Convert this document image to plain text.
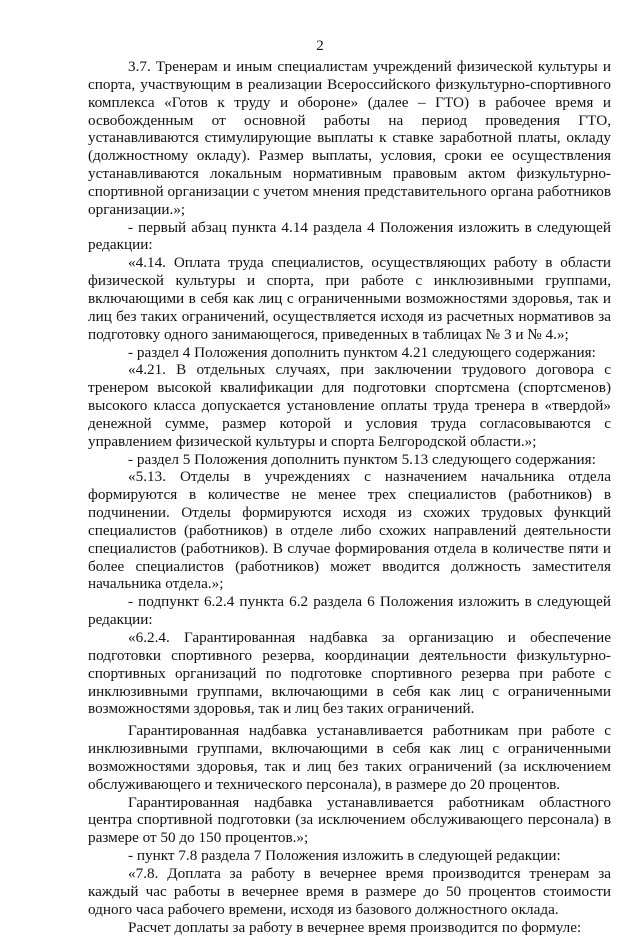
2

3.7. Тренерам и иным специалистам учреждений физической культуры и спорта, участвующим в реализации Всероссийского физкультурно-спортивного комплекса «Готов к труду и обороне» (далее – ГТО) в рабочее время и освобожденным от основной работы на период проведения ГТО, устанавливаются стимулирующие выплаты к ставке заработной платы, окладу (должностному окладу). Размер выплаты, условия, сроки ее осуществления устанавливаются локальным нормативным правовым актом физкультурно-спортивной организации с учетом мнения представительного органа работников организации.»;

- первый абзац пункта 4.14 раздела 4 Положения изложить в следующей редакции:

«4.14. Оплата труда специалистов, осуществляющих работу в области физической культуры и спорта, при работе с инклюзивными группами, включающими в себя как лиц с ограниченными возможностями здоровья, так и лиц без таких ограничений, осуществляется исходя из расчетных нормативов за подготовку одного занимающегося, приведенных в таблицах № 3 и № 4.»;

- раздел 4 Положения дополнить пунктом 4.21 следующего содержания:

«4.21. В отдельных случаях, при заключении трудового договора с тренером высокой квалификации для подготовки спортсмена (спортсменов) высокого класса допускается установление оплаты труда тренера в «твердой» денежной сумме, размер которой и условия труда согласовываются с управлением физической культуры и спорта Белгородской области.»;

- раздел 5 Положения дополнить пунктом 5.13 следующего содержания:

«5.13. Отделы в учреждениях с назначением начальника отдела формируются в количестве не менее трех специалистов (работников) в подчинении. Отделы формируются исходя из схожих трудовых функций специалистов (работников) в отделе либо схожих направлений деятельности специалистов (работников). В случае формирования отдела в количестве пяти и более специалистов (работников) может вводится должность заместителя начальника отдела.»;

- подпункт 6.2.4 пункта 6.2 раздела 6 Положения изложить в следующей редакции:

«6.2.4. Гарантированная надбавка за организацию и обеспечение подготовки спортивного резерва, координации деятельности физкультурно-спортивных организаций по подготовке спортивного резерва при работе с инклюзивными группами, включающими в себя как лиц с ограниченными возможностями здоровья, так и лиц без таких ограничений.

Гарантированная надбавка устанавливается работникам при работе с инклюзивными группами, включающими в себя как лиц с ограниченными возможностями здоровья, так и лиц без таких ограничений (за исключением обслуживающего и технического персонала), в размере до 20 процентов.

Гарантированная надбавка устанавливается работникам областного центра спортивной подготовки (за исключением обслуживающего персонала) в размере от 50 до 150 процентов.»;

- пункт 7.8 раздела 7 Положения изложить в следующей редакции:

«7.8. Доплата за работу в вечернее время производится тренерам за каждый час работы в вечернее время в размере до 50 процентов стоимости одного часа рабочего времени, исходя из базового должностного оклада.

Расчет доплаты за работу в вечернее время производится по формуле:
